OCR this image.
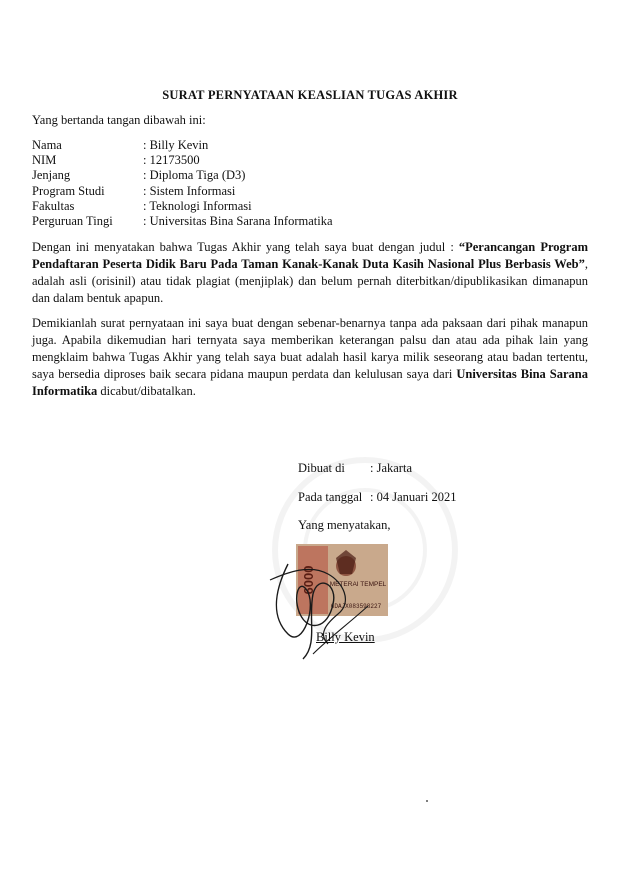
SURAT PERNYATAAN KEASLIAN TUGAS AKHIR
Yang bertanda tangan dibawah ini:
Nama	: Billy Kevin
NIM	: 12173500
Jenjang	: Diploma Tiga (D3)
Program Studi	: Sistem Informasi
Fakultas	: Teknologi Informasi
Perguruan Tingi	: Universitas Bina Sarana Informatika

Dengan ini menyatakan bahwa Tugas Akhir yang telah saya buat dengan judul : “Perancangan Program Pendaftaran Peserta Didik Baru Pada Taman Kanak-Kanak Duta Kasih Nasional Plus Berbasis Web”, adalah asli (orisinil) atau tidak plagiat (menjiplak) dan belum pernah diterbitkan/dipublikasikan dimanapun dan dalam bentuk apapun.

Demikianlah surat pernyataan ini saya buat dengan sebenar-benarnya tanpa ada paksaan dari pihak manapun juga. Apabila dikemudian hari ternyata saya memberikan keterangan palsu dan atau ada pihak lain yang mengklaim bahwa Tugas Akhir yang telah saya buat adalah hasil karya milik seseorang atau badan tertentu, saya bersedia diproses baik secara pidana maupun perdata dan kelulusan saya dari Universitas Bina Sarana Informatika dicabut/dibatalkan.

Dibuat di : Jakarta
Pada tanggal : 04 Januari 2021
Yang menyatakan,
6000 METERAI TEMPEL
6DAJX083598227
Billy Kevin
